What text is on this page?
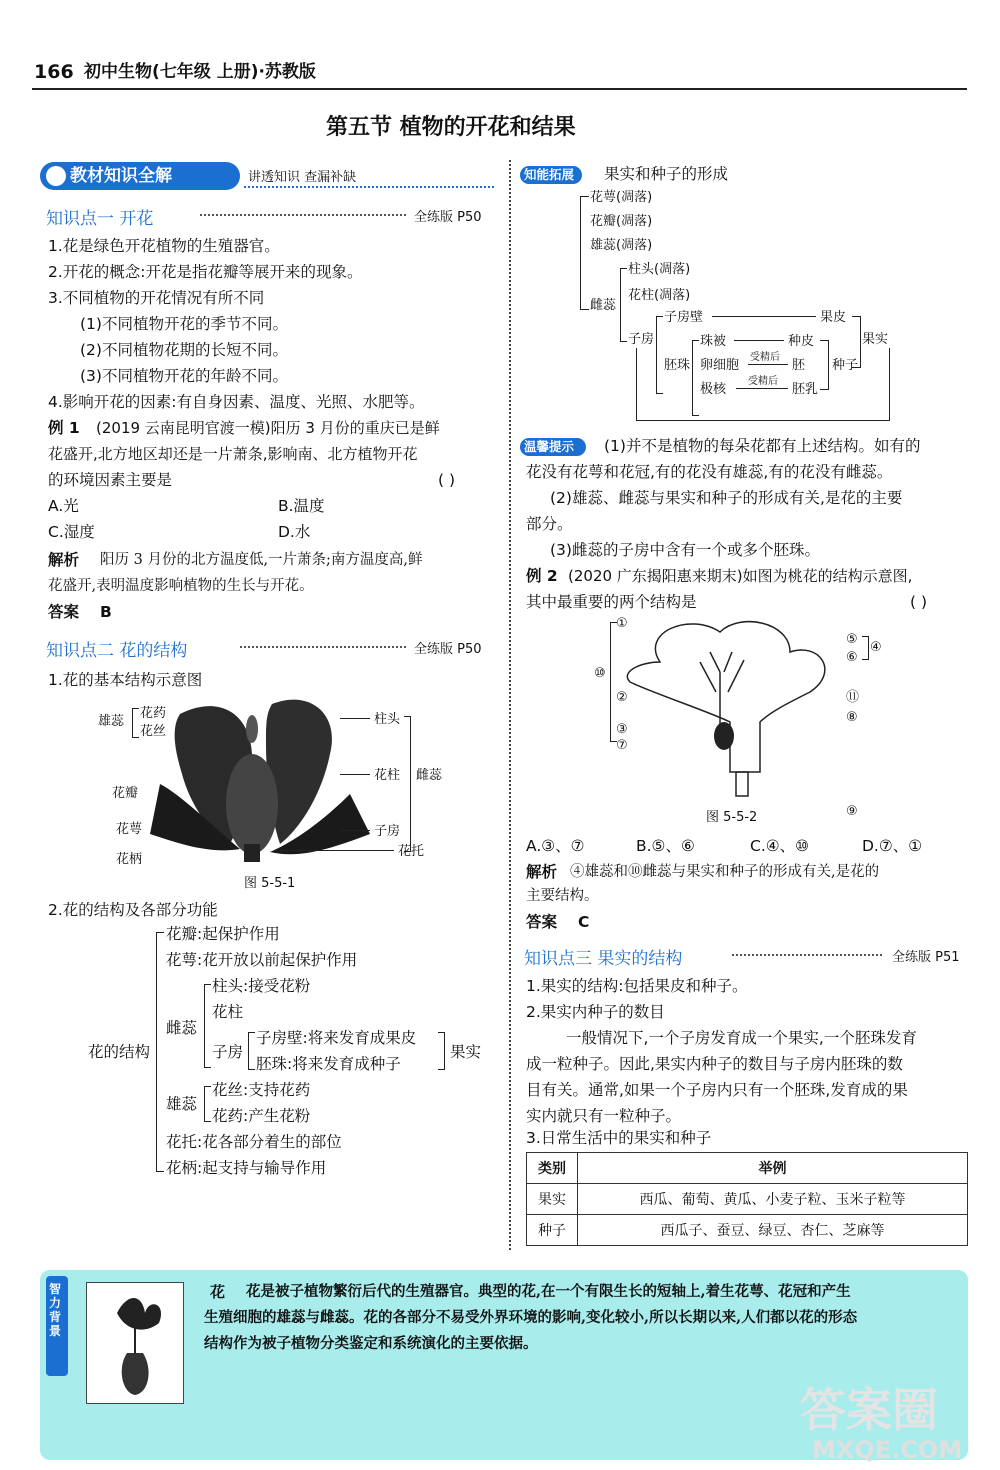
166 初中生物(七年级 上册)·苏教版
第五节 植物的开花和结果
教材知识全解	讲透知识 查漏补缺
知识点一 开花	全练版 P50
1.花是绿色开花植物的生殖器官。
2.开花的概念:开花是指花瓣等展开来的现象。
3.不同植物的开花情况有所不同
(1)不同植物开花的季节不同。
(2)不同植物花期的长短不同。
(3)不同植物开花的年龄不同。
4.影响开花的因素:有自身因素、温度、光照、水肥等。
例 1 (2019 云南昆明官渡一模)阳历 3 月份的重庆已是鲜
花盛开,北方地区却还是一片萧条,影响南、北方植物开花
的环境因素主要是	( )
A.光	B.温度
C.湿度	D.水
解析 阳历 3 月份的北方温度低,一片萧条;南方温度高,鲜
花盛开,表明温度影响植物的生长与开花。
答案 B
知识点二 花的结构	全练版 P50
1.花的基本结构示意图
雄蕊
花药
花丝
花瓣
花萼
花柄
柱头
花柱 雌蕊
子房
花托
图 5-5-1
2.花的结构及各部分功能
花的结构
花瓣:起保护作用
花萼:花开放以前起保护作用
雌蕊
柱头:接受花粉
花柱
子房
子房壁:将来发育成果皮
胚珠:将来发育成种子
果实
雄蕊
花丝:支持花药
花药:产生花粉
花托:花各部分着生的部位
花柄:起支持与输导作用
知能拓展 果实和种子的形成
花萼(凋落)
花瓣(凋落)
雄蕊(凋落)
雌蕊
柱头(凋落)
花柱(凋落)
子房
子房壁	果皮
胚珠
珠被	种皮
卵细胞
受精后
胚
极核
受精后
胚乳
种子
果实
温馨提示 (1)并不是植物的每朵花都有上述结构。如有的
花没有花萼和花冠,有的花没有雄蕊,有的花没有雌蕊。
(2)雄蕊、雌蕊与果实和种子的形成有关,是花的主要
部分。
(3)雌蕊的子房中含有一个或多个胚珠。
例 2 (2020 广东揭阳惠来期末)如图为桃花的结构示意图,
其中最重要的两个结构是	( )
①
⑩
②
③
⑦
⑤
⑥
④
⑪
⑧
⑨
图 5-5-2
A.③、⑦	B.⑤、⑥	C.④、⑩	D.⑦、①
解析 ④雄蕊和⑩雌蕊与果实和种子的形成有关,是花的
主要结构。
答案 C
知识点三 果实的结构	全练版 P51
1.果实的结构:包括果皮和种子。
2.果实内种子的数目
一般情况下,一个子房发育成一个果实,一个胚珠发育
成一粒种子。因此,果实内种子的数目与子房内胚珠的数
目有关。通常,如果一个子房内只有一个胚珠,发育成的果
实内就只有一粒种子。
3.日常生活中的果实和种子
类别	举例
果实	西瓜、葡萄、黄瓜、小麦子粒、玉米子粒等
种子	西瓜子、蚕豆、绿豆、杏仁、芝麻等
智力背景
花 花是被子植物繁衍后代的生殖器官。典型的花,在一个有限生长的短轴上,着生花萼、花冠和产生
生殖细胞的雄蕊与雌蕊。花的各部分不易受外界环境的影响,变化较小,所以长期以来,人们都以花的形态
结构作为被子植物分类鉴定和系统演化的主要依据。
答案圈
MXQE.COM
